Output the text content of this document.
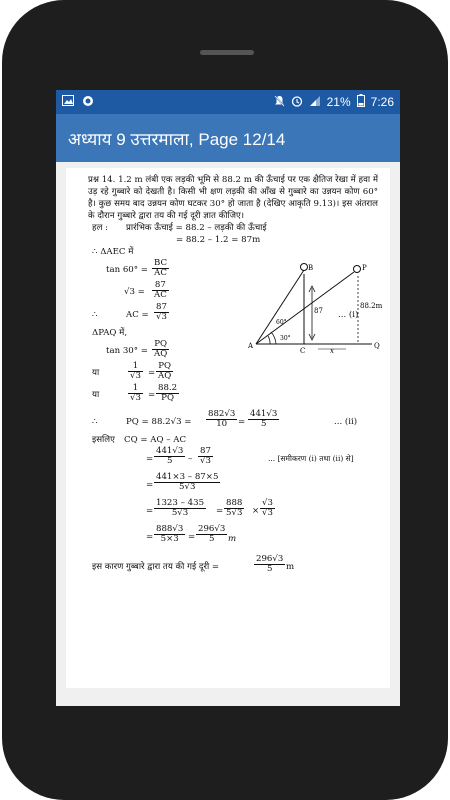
21% 7:26
अध्याय 9 उत्तरमाला, Page 12/14

प्रश्न 14. 1.2 m लंबी एक लड़की भूमि से 88.2 m की ऊँचाई पर एक क्षैतिज रेखा में हवा में उड़ रहे गुब्बारे को देखती है। किसी भी क्षण लड़की की आँख से गुब्बारे का उन्नयन कोण 60° है। कुछ समय बाद उन्नयन कोण घटकर 30° हो जाता है (देखिए आकृति 9.13)। इस अंतराल के दौरान गुब्बारे द्वारा तय की गई दूरी ज्ञात कीजिए।

हल : प्रारंभिक ऊँचाई = 88.2 – लड़की की ऊँचाई
= 88.2 – 1.2 = 87m
∴ ΔAEC में
$\tan 60^\circ = \frac{BC}{AC}$
$√3 = \frac{87}{AC}$
∴	AC = $\frac{87}{√3}$	... (i)
ΔPAQ में,
$\tan 30^\circ = \frac{PQ}{AQ}$
या	$\frac{1}{√3} = \frac{PQ}{AQ}$
या	$\frac{1}{√3} = \frac{88.2}{PQ}$
∴	PQ = $88.2√3 = \frac{882√3}{10} = \frac{441√3}{5}$	... (ii)
इसलिए CQ = AQ – AC
= $\frac{441√3}{5} - \frac{87}{√3}$	... [समीकरण (i) तथा (ii) से]
= $\frac{441\times 3 - 87\times 5}{5√3}$
= $\frac{1323 - 435}{5√3} = \frac{888}{5√3} \times \frac{√3}{√3}$
= $\frac{888√3}{5\times 3} = \frac{296√3}{5}$ m
इस कारण गुब्बारे द्वारा तय की गई दूरी =	$\frac{296√3}{5}$ m
B	P
A
C
Q
60°
30°
87
88.2m
x
